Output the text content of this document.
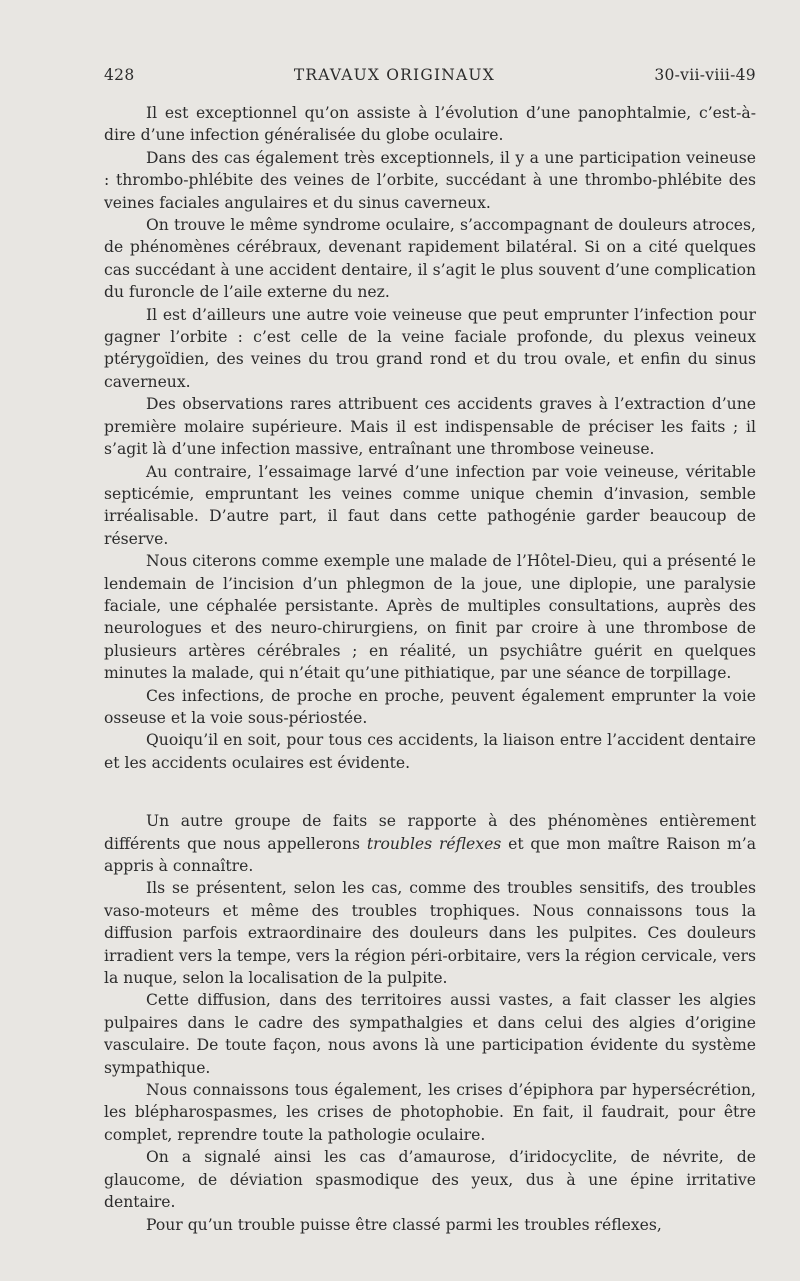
428	TRAVAUX ORIGINAUX	30-vii-viii-49

Il est exceptionnel qu’on assiste à l’évolution d’une panophtalmie, c’est-à-dire d’une infection généralisée du globe oculaire.

Dans des cas également très exceptionnels, il y a une participation veineuse : thrombo-phlébite des veines de l’orbite, succédant à une thrombo-phlébite des veines faciales angulaires et du sinus caverneux.

On trouve le même syndrome oculaire, s’accompagnant de douleurs atroces, de phénomènes cérébraux, devenant rapidement bilatéral. Si on a cité quelques cas succédant à une accident dentaire, il s’agit le plus souvent d’une complication du furoncle de l’aile externe du nez.

Il est d’ailleurs une autre voie veineuse que peut emprunter l’infection pour gagner l’orbite : c’est celle de la veine faciale profonde, du plexus veineux ptérygoïdien, des veines du trou grand rond et du trou ovale, et enfin du sinus caverneux.

Des observations rares attribuent ces accidents graves à l’extraction d’une première molaire supérieure. Mais il est indispensable de préciser les faits ; il s’agit là d’une infection massive, entraînant une thrombose veineuse.

Au contraire, l’essaimage larvé d’une infection par voie veineuse, véritable septicémie, empruntant les veines comme unique chemin d’invasion, semble irréalisable. D’autre part, il faut dans cette pathogénie garder beaucoup de réserve.

Nous citerons comme exemple une malade de l’Hôtel-Dieu, qui a présenté le lendemain de l’incision d’un phlegmon de la joue, une diplopie, une paralysie faciale, une céphalée persistante. Après de multiples consultations, auprès des neurologues et des neuro-chirurgiens, on finit par croire à une thrombose de plusieurs artères cérébrales ; en réalité, un psychiâtre guérit en quelques minutes la malade, qui n’était qu’une pithiatique, par une séance de torpillage.

Ces infections, de proche en proche, peuvent également emprunter la voie osseuse et la voie sous-périostée.

Quoiqu’il en soit, pour tous ces accidents, la liaison entre l’accident dentaire et les accidents oculaires est évidente.

Un autre groupe de faits se rapporte à des phénomènes entièrement différents que nous appellerons troubles réflexes et que mon maître Raison m’a appris à connaître.

Ils se présentent, selon les cas, comme des troubles sensitifs, des troubles vaso-moteurs et même des troubles trophiques. Nous connaissons tous la diffusion parfois extraordinaire des douleurs dans les pulpites. Ces douleurs irradient vers la tempe, vers la région péri-orbitaire, vers la région cervicale, vers la nuque, selon la localisation de la pulpite.

Cette diffusion, dans des territoires aussi vastes, a fait classer les algies pulpaires dans le cadre des sympathalgies et dans celui des algies d’origine vasculaire. De toute façon, nous avons là une participation évidente du système sympathique.

Nous connaissons tous également, les crises d’épiphora par hypersécrétion, les blépharospasmes, les crises de photophobie. En fait, il faudrait, pour être complet, reprendre toute la pathologie oculaire.

On a signalé ainsi les cas d’amaurose, d’iridocyclite, de névrite, de glaucome, de déviation spasmodique des yeux, dus à une épine irritative dentaire.

Pour qu’un trouble puisse être classé parmi les troubles réflexes,
